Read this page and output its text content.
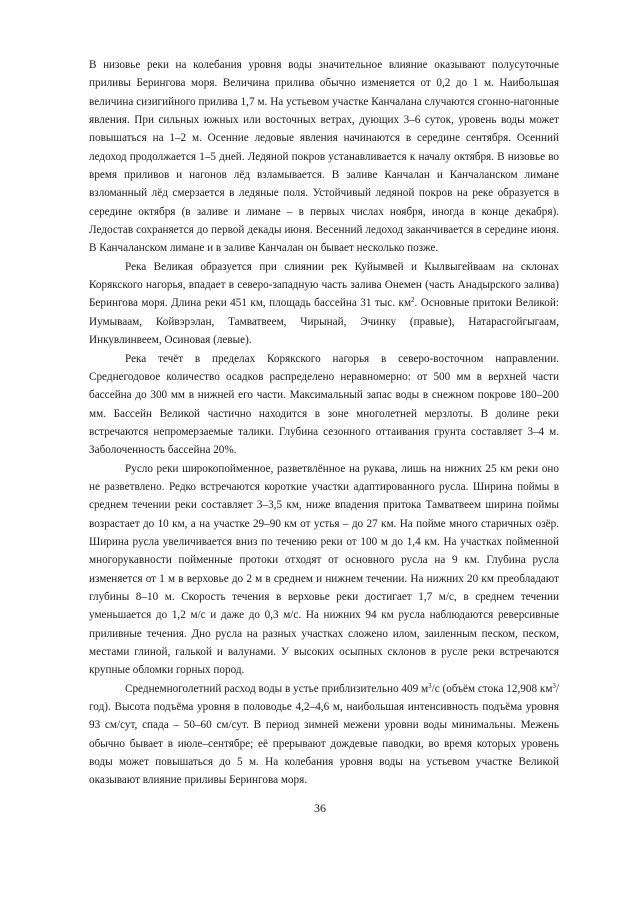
В низовье реки на колебания уровня воды значительное влияние оказывают полусуточные приливы Берингова моря. Величина прилива обычно изменяется от 0,2 до 1 м. Наибольшая величина сизигийного прилива 1,7 м. На устьевом участке Канчалана случаются сгонно-нагонные явления. При сильных южных или восточных ветрах, дующих 3–6 суток, уровень воды может повышаться на 1–2 м. Осенние ледовые явления начинаются в середине сентября. Осенний ледоход продолжается 1–5 дней. Ледяной покров устанавливается к началу октября. В низовье во время приливов и нагонов лёд взламывается. В заливе Канчалан и Канчаланском лимане взломанный лёд смерзается в ледяные поля. Устойчивый ледяной покров на реке образуется в середине октября (в заливе и лимане – в первых числах ноября, иногда в конце декабря). Ледостав сохраняется до первой декады июня. Весенний ледоход заканчивается в середине июня. В Канчаланском лимане и в заливе Канчалан он бывает несколько позже.

Река Великая образуется при слиянии рек Куйымвей и Кылвыгейваам на склонах Корякского нагорья, впадает в северо-западную часть залива Онемен (часть Анадырского залива) Берингова моря. Длина реки 451 км, площадь бассейна 31 тыс. $км^2$. Основные притоки Великой: Иумываам, Койвэрэлан, Тамватвеем, Чирынай, Эчинку (правые), Натарасгойгыгаам, Инкувлинвеем, Осиновая (левые).

Река течёт в пределах Корякского нагорья в северо-восточном направлении. Среднегодовое количество осадков распределено неравномерно: от 500 мм в верхней части бассейна до 300 мм в нижней его части. Максимальный запас воды в снежном покрове 180–200 мм. Бассейн Великой частично находится в зоне многолетней мерзлоты. В долине реки встречаются непромерзаемые талики. Глубина сезонного оттаивания грунта составляет 3–4 м. Заболоченность бассейна 20%.

Русло реки широкопойменное, разветвлённое на рукава, лишь на нижних 25 км реки оно не разветвлено. Редко встречаются короткие участки адаптированного русла. Ширина поймы в среднем течении реки составляет 3–3,5 км, ниже впадения притока Тамватвеем ширина поймы возрастает до 10 км, а на участке 29–90 км от устья – до 27 км. На пойме много старичных озёр. Ширина русла увеличивается вниз по течению реки от 100 м до 1,4 км. На участках пойменной многорукавности пойменные протоки отходят от основного русла на 9 км. Глубина русла изменяется от 1 м в верховье до 2 м в среднем и нижнем течении. На нижних 20 км преобладают глубины 8–10 м. Скорость течения в верховье реки достигает 1,7 м/с, в среднем течении уменьшается до 1,2 м/с и даже до 0,3 м/с. На нижних 94 км русла наблюдаются реверсивные приливные течения. Дно русла на разных участках сложено илом, заиленным песком, песком, местами глиной, галькой и валунами. У высоких осыпных склонов в русле реки встречаются крупные обломки горных пород.

Среднемноголетний расход воды в устье приблизительно 409 $м^3/с$ (объём стока 12,908 $км^3/год$). Высота подъёма уровня в половодье 4,2–4,6 м, наибольшая интенсивность подъёма уровня 93 см/сут, спада – 50–60 см/сут. В период зимней межени уровни воды минимальны. Межень обычно бывает в июле–сентябре; её прерывают дождевые паводки, во время которых уровень воды может повышаться до 5 м. На колебания уровня воды на устьевом участке Великой оказывают влияние приливы Берингова моря.

36
